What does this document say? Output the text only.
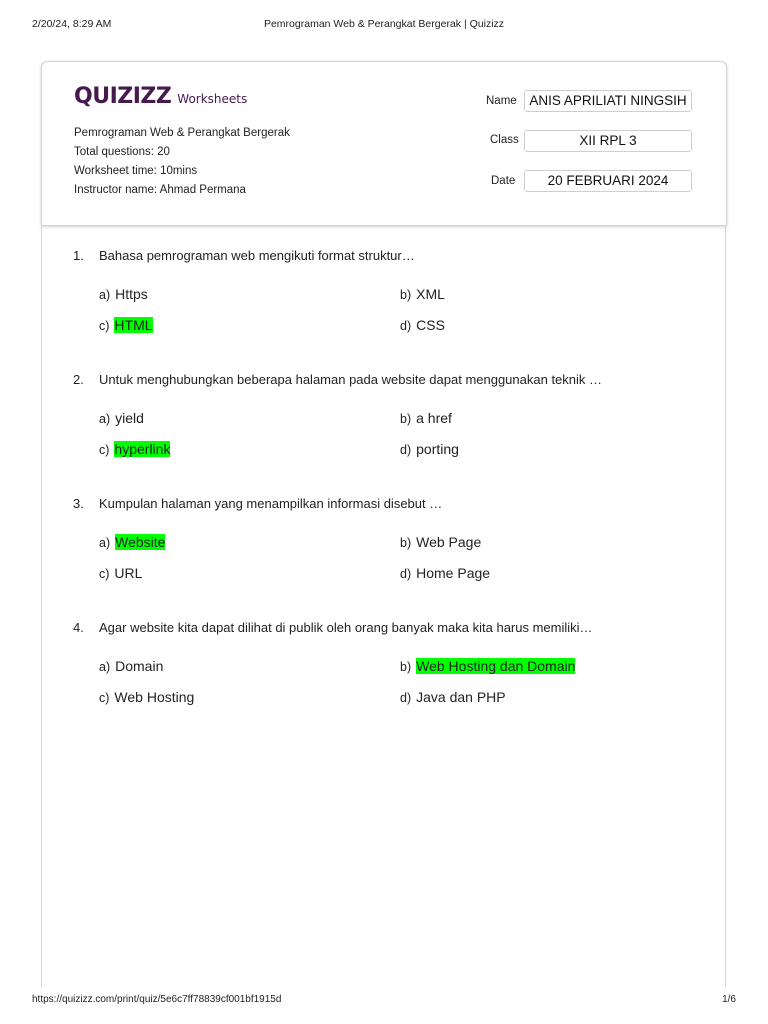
2/20/24, 8:29 AM	Pemrograman Web & Perangkat Bergerak | Quizizz
QUIZIZZ Worksheets
Pemrograman Web & Perangkat Bergerak
Total questions: 20
Worksheet time: 10mins
Instructor name: Ahmad Permana
Name ANIS APRILIATI NINGSIH
Class	XII RPL 3
Date	20 FEBRUARI 2024
1. Bahasa pemrograman web mengikuti format struktur…
a) Https	b) XML
c) HTML	d) CSS
2. Untuk menghubungkan beberapa halaman pada website dapat menggunakan teknik …
a) yield	b) a href
c) hyperlink	d) porting
3. Kumpulan halaman yang menampilkan informasi disebut …
a) Website	b) Web Page
c) URL	d) Home Page
4. Agar website kita dapat dilihat di publik oleh orang banyak maka kita harus memiliki…
a) Domain	b) Web Hosting dan Domain
c) Web Hosting	d) Java dan PHP
https://quizizz.com/print/quiz/5e6c7ff78839cf001bf1915d	1/6
